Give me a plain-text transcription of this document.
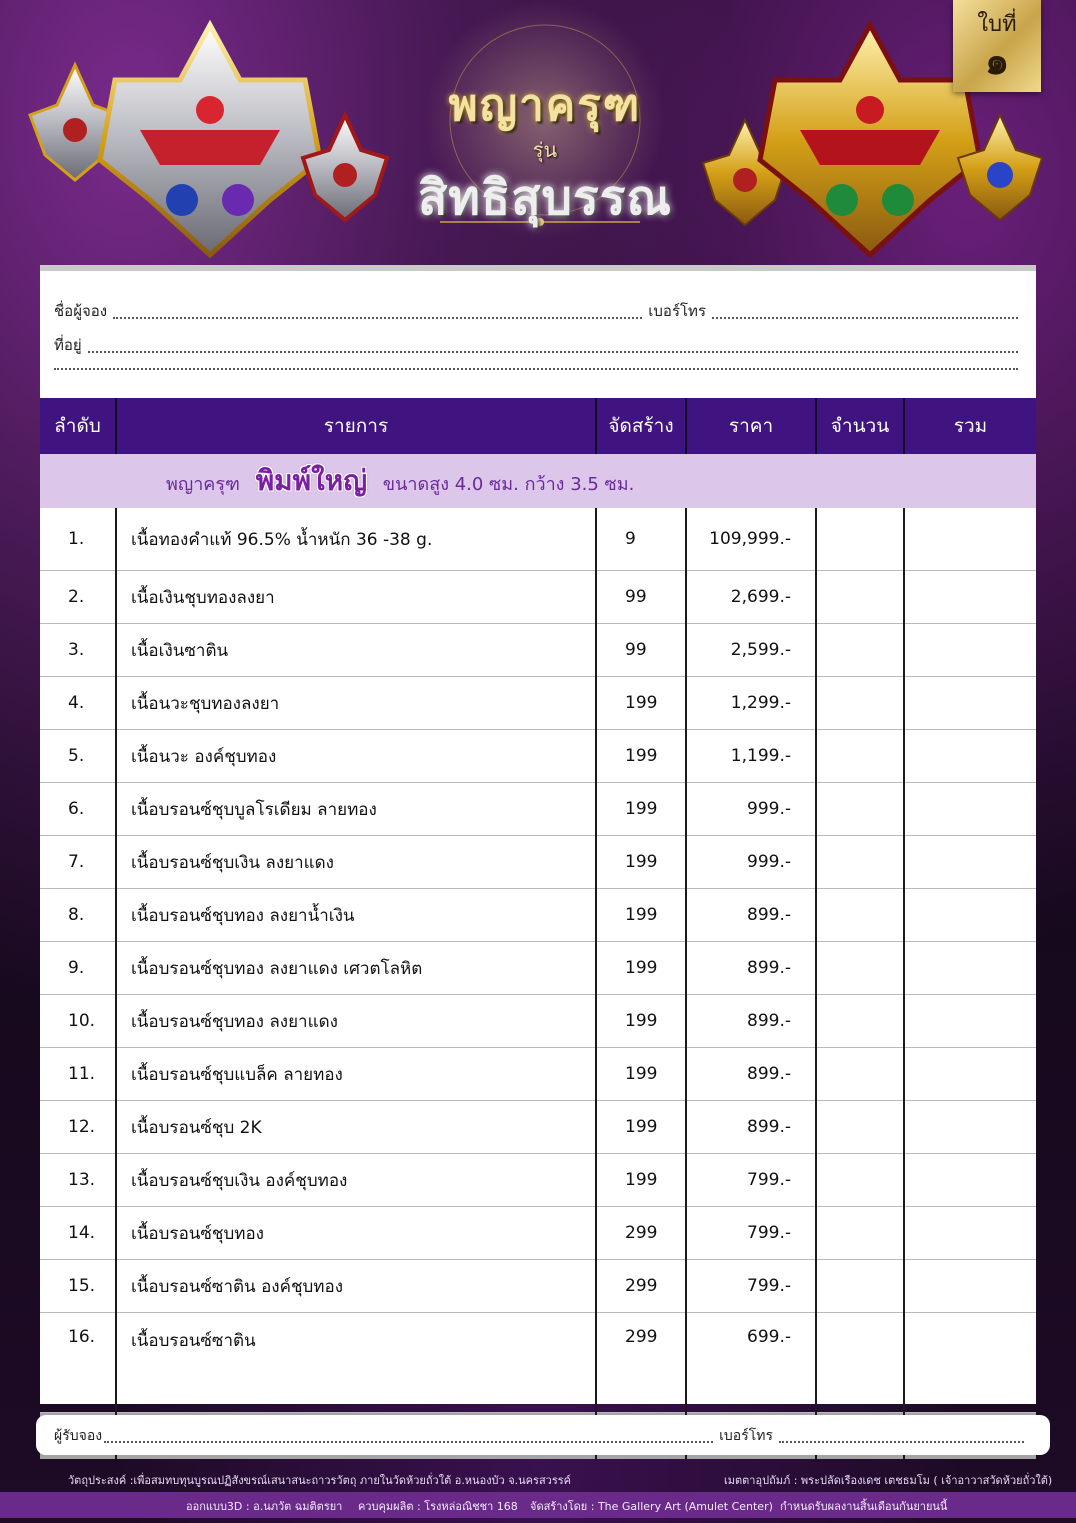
พญาครุฑ
รุ่น
สิทธิสุบรรณ
ใบที่
๑
ชื่อผู้จอง	เบอร์โทร
ที่อยู่
ลำดับ	รายการ	จัดสร้าง	ราคา	จำนวน	รวม
พญาครุฑ พิมพ์ใหญ่ ขนาดสูง 4.0 ซม. กว้าง 3.5 ซม.					
1.	เนื้อทองคำแท้ 96.5% น้ำหนัก 36 -38 g.	9	109,999.-		
2.	เนื้อเงินชุบทองลงยา	99	2,699.-		
3.	เนื้อเงินซาติน	99	2,599.-		
4.	เนื้อนวะชุบทองลงยา	199	1,299.-		
5.	เนื้อนวะ องค์ชุบทอง	199	1,199.-		
6.	เนื้อบรอนซ์ชุบบูลโรเดียม ลายทอง	199	999.-		
7.	เนื้อบรอนซ์ชุบเงิน ลงยาแดง	199	999.-		
8.	เนื้อบรอนซ์ชุบทอง ลงยาน้ำเงิน	199	899.-		
9.	เนื้อบรอนซ์ชุบทอง ลงยาแดง เศวตโลหิต	199	899.-		
10.	เนื้อบรอนซ์ชุบทอง ลงยาแดง	199	899.-		
11.	เนื้อบรอนซ์ชุบแบล็ค ลายทอง	199	899.-		
12.	เนื้อบรอนซ์ชุบ 2K	199	899.-		
13.	เนื้อบรอนซ์ชุบเงิน องค์ชุบทอง	199	799.-		
14.	เนื้อบรอนซ์ชุบทอง	299	799.-		
15.	เนื้อบรอนซ์ซาติน องค์ชุบทอง	299	799.-		
16.	เนื้อบรอนซ์ซาติน	299	699.-		

ผู้รับจอง	เบอร์โทร
วัตถุประสงค์ :เพื่อสมทบทุนบูรณปฏิสังขรณ์เสนาสนะถาวรวัตถุ ภายในวัดห้วยถั่วใต้ อ.หนองบัว จ.นครสวรรค์	เมตตาอุปถัมภ์ : พระปลัดเรืองเดช เตชธมโม ( เจ้าอาวาสวัดห้วยถั่วใต้)
ออกแบบ3D : อ.นภวัต ฉมติตรยา ควบคุมผลิต : โรงหล่อณิชชา 168 จัดสร้างโดย : The Gallery Art (Amulet Center) กำหนดรับผลงานสิ้นเดือนกันยายนนี้
